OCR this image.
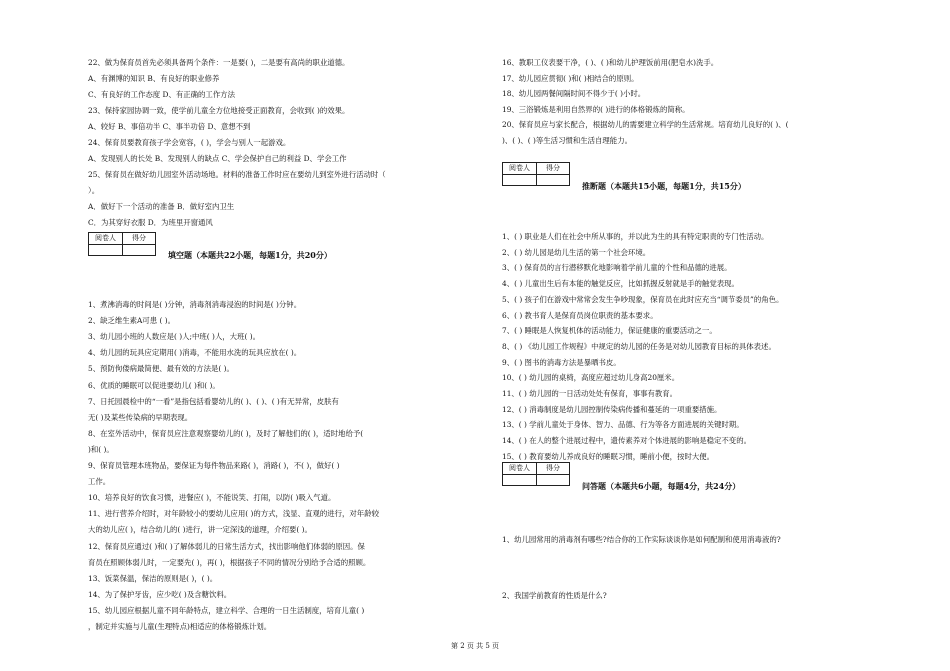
22、做为保育员首先必须具备两个条件：一是要( )，二是要有高尚的职业道德。
A、有渊博的知识 B、有良好的职业修养
C、有良好的工作态度 D、有正确的工作方法
23、保持家园协调一致，使学前儿童全方位地接受正面教育，会收到( )的效果。
A、较好 B、事倍功半 C、事半功倍 D、意想不到
24、保育员要教育孩子学会宽容，( )，学会与别人一起游戏。
A、发现别人的长处 B、发现别人的缺点 C、学会保护自己的利益 D、学会工作
25、保育员在做好幼儿园室外活动场地。材料的准备工作时应在要幼儿到室外进行活动时（
）。
A．做好下一个活动的准备 B．做好室内卫生
C．为其穿好衣服 D．为班里开窗通风
阅卷人	得分
填空题（本题共22小题，每题1分，共20分）
1、煮沸消毒的时间是( )分钟，消毒剂消毒浸泡的时间是( )分钟。
2、缺乏维生素A可患 ( )。
3、幼儿园小班的人数应是( )人;中班( )人，大班( )。
4、幼儿园的玩具应定期用( )消毒，不能用水洗的玩具应放在( )。
5、预防佝偻病最简便、最有效的方法是( )。
6、优质的睡眠可以促进要幼儿( )和( )。
7、日托园晨检中的“一看”是指包括看婴幼儿的( )、( )、( )有无异常，皮肤有
无( )及某些传染病的早期表现。
8、在室外活动中，保育员应注意观察婴幼儿的( )，及时了解他们的( )，适时地给予(
)和( )。
9、保育员管理本班物品，要保证为每件物品来路( )，消路( )，不( )，做好( )
工作。
10、培养良好的饮食习惯，进餐应( )，不能说笑、打闹，以防( )吸入气道。
11、进行营养介绍时，对年龄较小的要幼儿应用( )的方式，浅显、直观的进行，对年龄较
大的幼儿应( )，结合幼儿的( )进行，讲一定深浅的道理，介绍要( )。
12、保育员应通过( )和( )了解体弱儿的日常生活方式，找出影响他们体弱的原因。保
育员在照顾体弱儿时，一定要先( )，再( )，根据孩子不同的情况分别给予合适的照顾。
13、饭菜保温，保洁的原则是( )，( )。
14、为了保护牙齿，应少吃( )及含糖饮料。
15、幼儿园应根据儿童不同年龄特点，建立科学、合理的一日生活制度，培育儿童( )
，制定并实施与儿童(生理特点)相适应的体格锻炼计划。
16、教职工仪表要干净，( )、( )和幼儿护理饭前用(肥皂水)洗手。
17、幼儿园应贯彻( )和( )相结合的原则。
18、幼儿园两餐间隔时间不得少于( )小时。
19、三浴锻炼是利用自然界的( )进行的体格锻炼的简称。
20、保育员应与家长配合，根据幼儿的需要建立科学的生活常规。培育幼儿良好的( )、(
)、( )、( )等生活习惯和生活自理能力。
阅卷人	得分
推断题（本题共15小题，每题1分，共15分）
1、( ) 职业是人们在社会中所从事的，并以此为生的具有特定职责的专门性活动。
2、( ) 幼儿园是幼儿生活的第一个社会环境。
3、( ) 保育员的言行潜移默化地影响着学前儿童的个性和品德的进展。
4、( ) 儿童出生后有本能的触觉反应，比如抓握反射就是手的触觉表现。
5、( ) 孩子们在游戏中常常会发生争吵现象，保育员在此时应充当“调节委员”的角色。
6、( ) 教书育人是保育员岗位职责的基本要求。
7、( ) 睡眠是人恢复机体的活动能力，保证健康的重要活动之一。
8、( ) 《幼儿园工作规程》中规定的幼儿园的任务是对幼儿园教育目标的具体表述。
9、( ) 图书的消毒方法是暴晒书皮。
10、( ) 幼儿园的桌椅，高度应超过幼儿身高20厘米。
11、( ) 幼儿园的一日活动处处有保育，事事有教育。
12、( ) 消毒制度是幼儿园控制传染病传播和蔓延的一项重要措施。
13、( ) 学前儿童处于身体、智力、品德、行为等各方面进展的关键时期。
14、( ) 在人的整个进展过程中，遗传素养对个体进展的影响是稳定不变的。
15、( ) 教育要幼儿养成良好的睡眠习惯，睡前小便，按时大便。
阅卷人	得分
问答题（本题共6小题，每题4分，共24分）
1、幼儿园常用的消毒剂有哪些?结合你的工作实际谈谈你是如何配制和使用消毒液的?
2、我国学前教育的性质是什么?
第 2 页 共 5 页
